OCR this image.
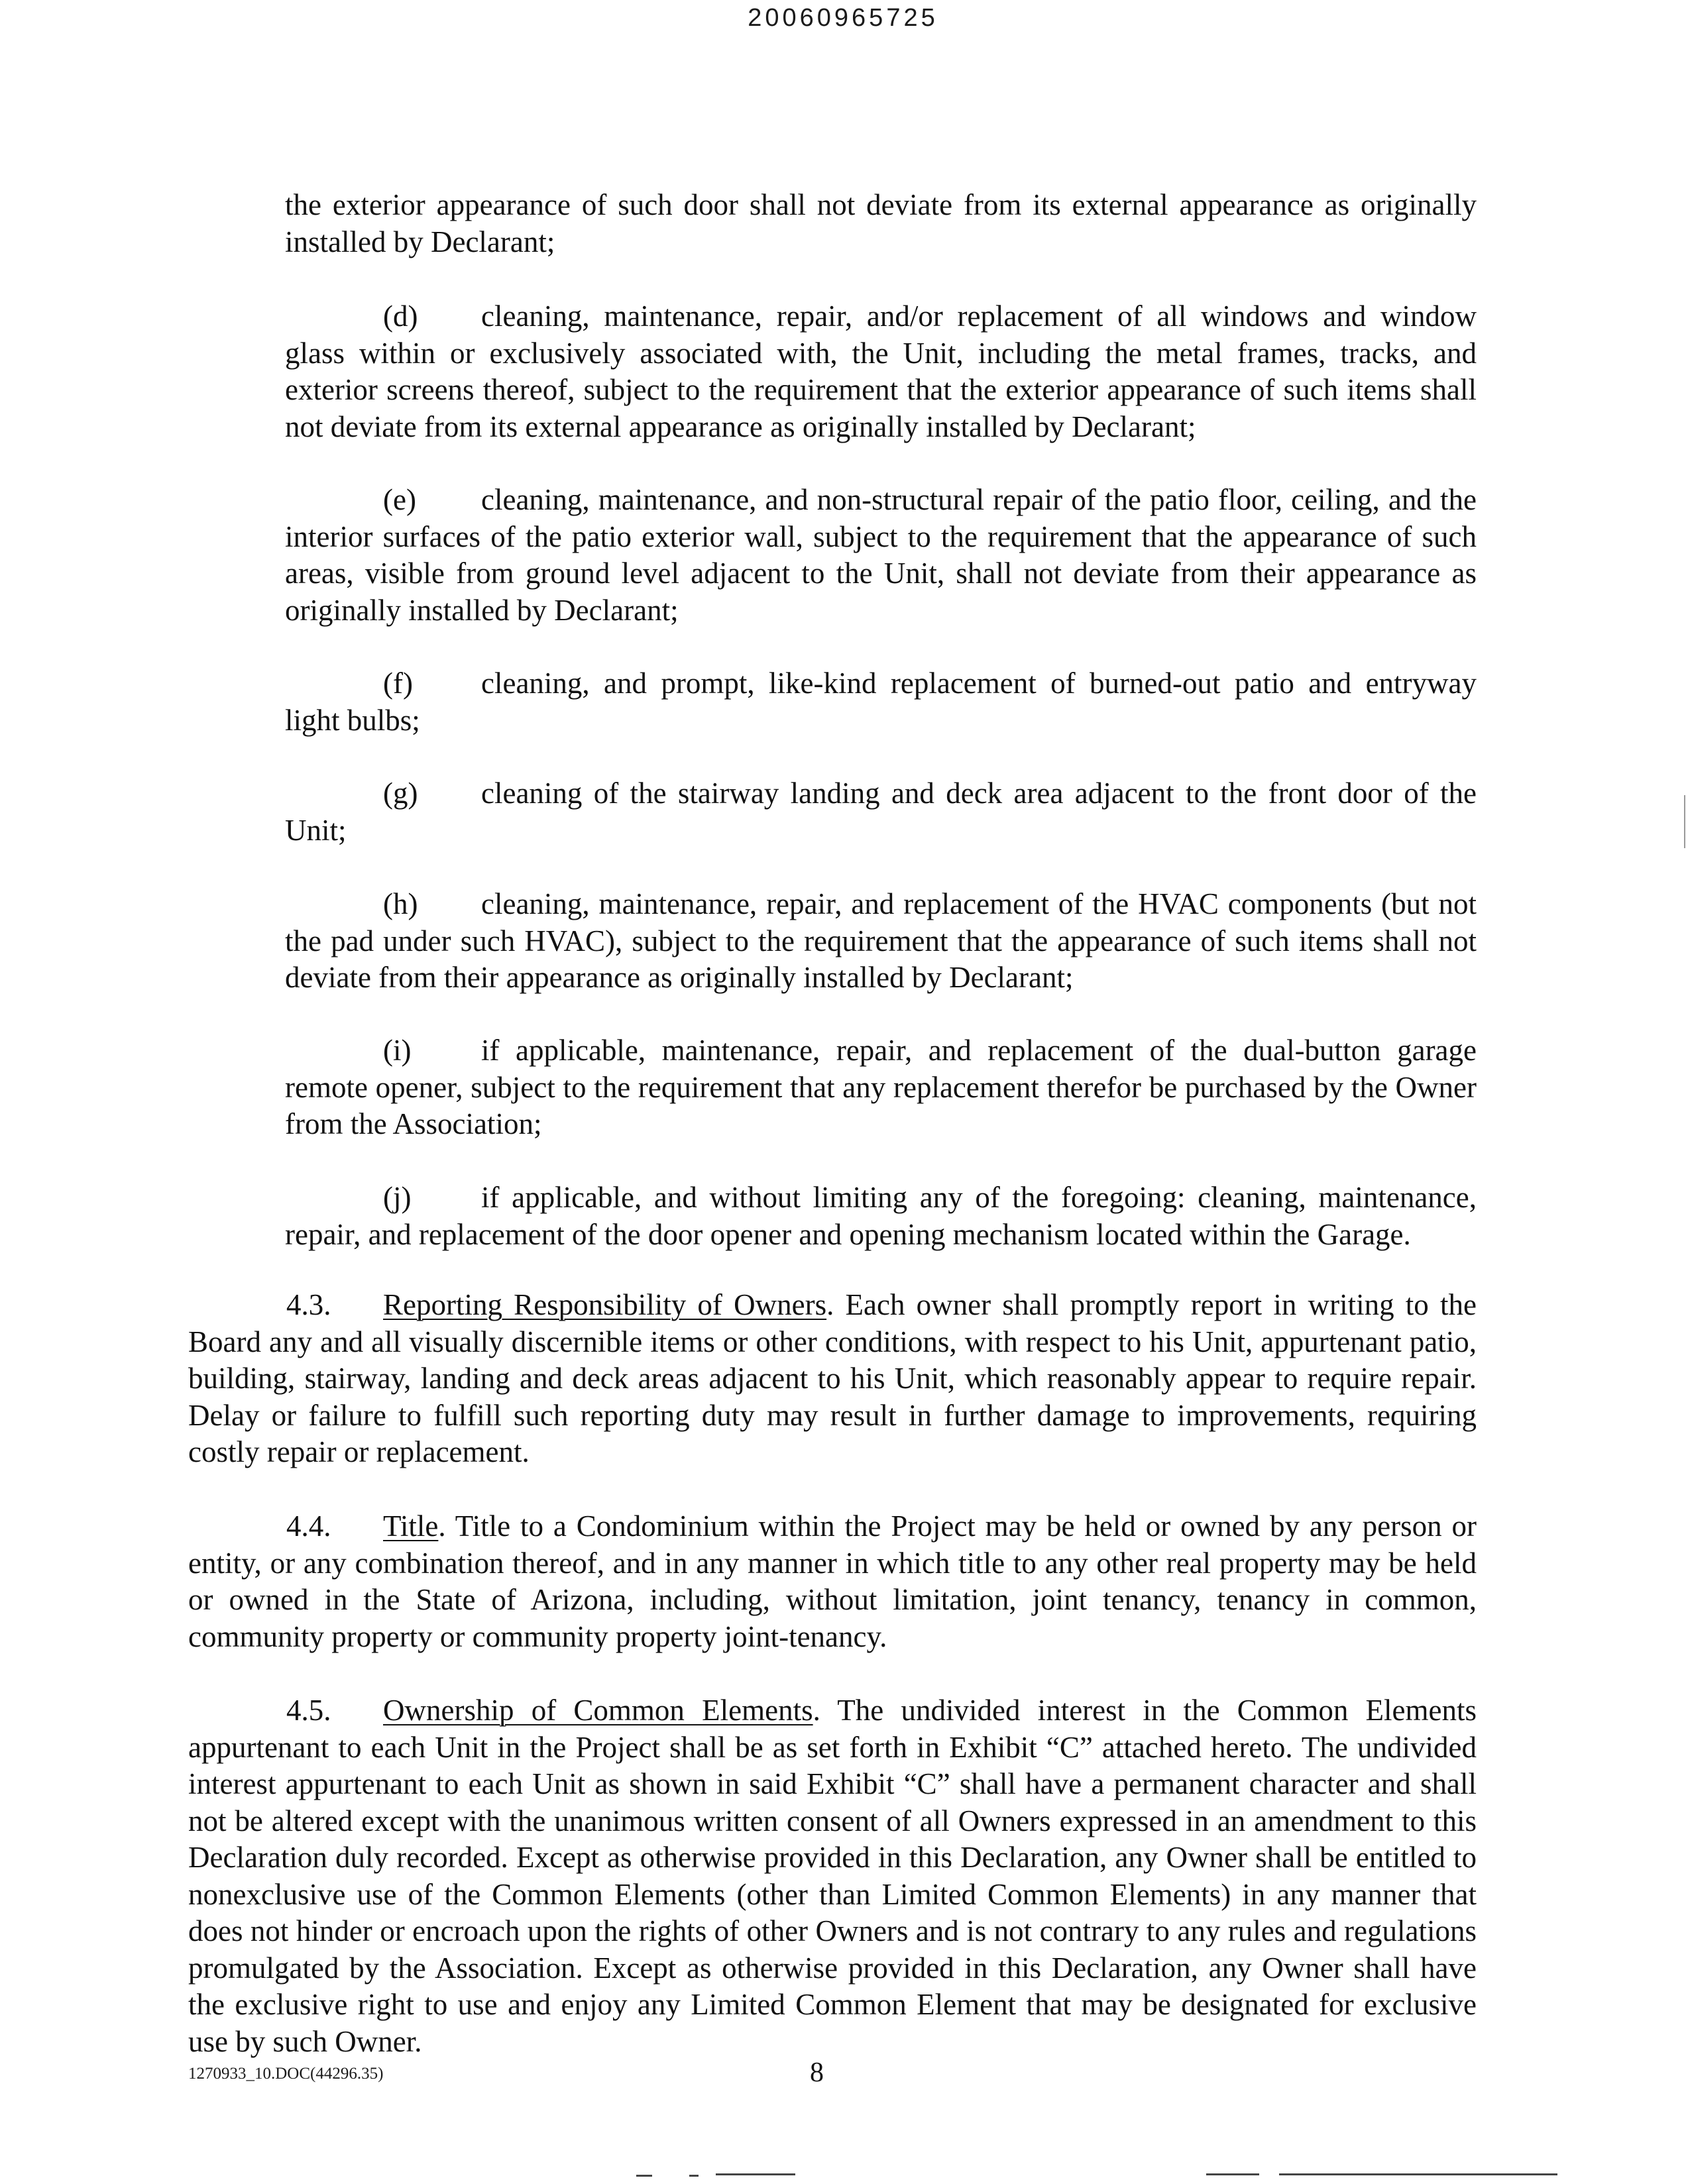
20060965725

the exterior appearance of such door shall not deviate from its external appearance as originally installed by Declarant;

(d) cleaning, maintenance, repair, and/or replacement of all windows and window glass within or exclusively associated with, the Unit, including the metal frames, tracks, and exterior screens thereof, subject to the requirement that the exterior appearance of such items shall not deviate from its external appearance as originally installed by Declarant;

(e) cleaning, maintenance, and non-structural repair of the patio floor, ceiling, and the interior surfaces of the patio exterior wall, subject to the requirement that the appearance of such areas, visible from ground level adjacent to the Unit, shall not deviate from their appearance as originally installed by Declarant;

(f) cleaning, and prompt, like-kind replacement of burned-out patio and entryway light bulbs;

(g) cleaning of the stairway landing and deck area adjacent to the front door of the Unit;

(h) cleaning, maintenance, repair, and replacement of the HVAC components (but not the pad under such HVAC), subject to the requirement that the appearance of such items shall not deviate from their appearance as originally installed by Declarant;

(i) if applicable, maintenance, repair, and replacement of the dual-button garage remote opener, subject to the requirement that any replacement therefor be purchased by the Owner from the Association;

(j) if applicable, and without limiting any of the foregoing: cleaning, maintenance, repair, and replacement of the door opener and opening mechanism located within the Garage.

4.3. Reporting Responsibility of Owners. Each owner shall promptly report in writing to the Board any and all visually discernible items or other conditions, with respect to his Unit, appurtenant patio, building, stairway, landing and deck areas adjacent to his Unit, which reasonably appear to require repair. Delay or failure to fulfill such reporting duty may result in further damage to improvements, requiring costly repair or replacement.

4.4. Title. Title to a Condominium within the Project may be held or owned by any person or entity, or any combination thereof, and in any manner in which title to any other real property may be held or owned in the State of Arizona, including, without limitation, joint tenancy, tenancy in common, community property or community property joint-tenancy.

4.5. Ownership of Common Elements. The undivided interest in the Common Elements appurtenant to each Unit in the Project shall be as set forth in Exhibit “C” attached hereto. The undivided interest appurtenant to each Unit as shown in said Exhibit “C” shall have a permanent character and shall not be altered except with the unanimous written consent of all Owners expressed in an amendment to this Declaration duly recorded. Except as otherwise provided in this Declaration, any Owner shall be entitled to nonexclusive use of the Common Elements (other than Limited Common Elements) in any manner that does not hinder or encroach upon the rights of other Owners and is not contrary to any rules and regulations promulgated by the Association. Except as otherwise provided in this Declaration, any Owner shall have the exclusive right to use and enjoy any Limited Common Element that may be designated for exclusive use by such Owner.

1270933_10.DOC(44296.35)	8
